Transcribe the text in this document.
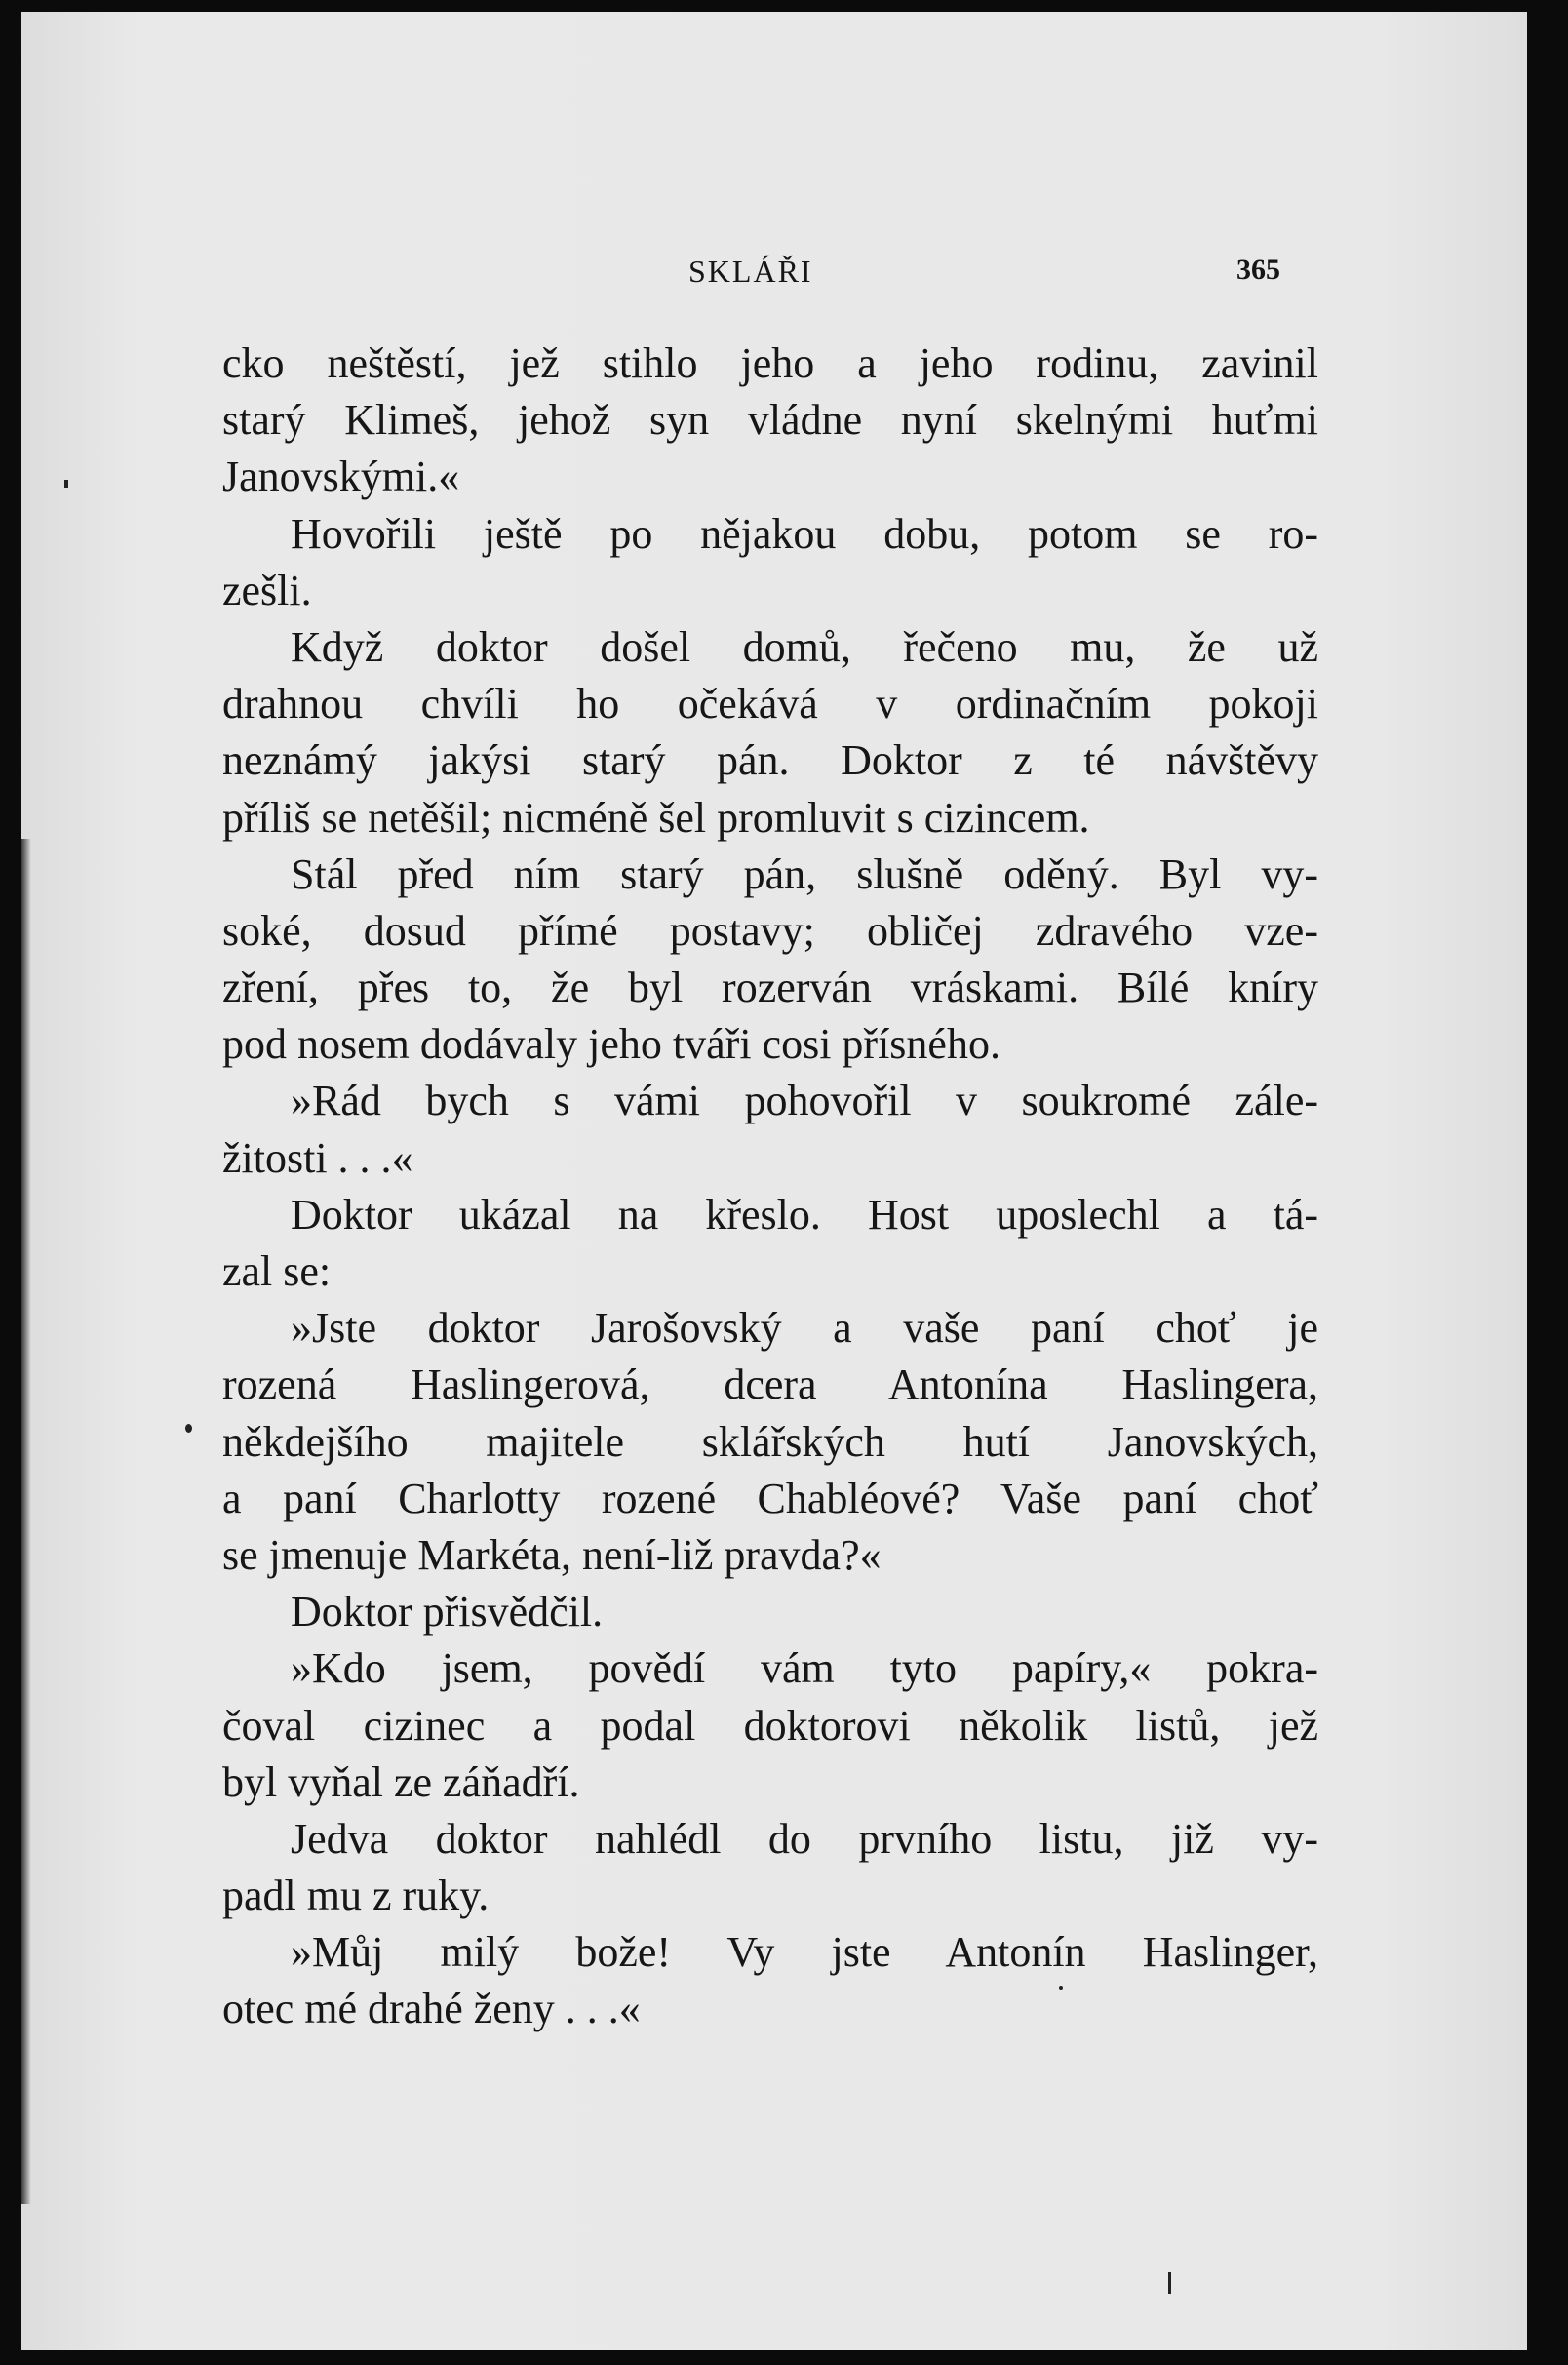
SKLÁŘI	365
cko neštěstí, jež stihlo jeho a jeho rodinu, zavinil
starý Klimeš, jehož syn vládne nyní skelnými huťmi
Janovskými.«
Hovořili ještě po nějakou dobu, potom se ro-
zešli.
Když doktor došel domů, řečeno mu, že už
drahnou chvíli ho očekává v ordinačním pokoji
neznámý jakýsi starý pán. Doktor z té návštěvy
příliš se netěšil; nicméně šel promluvit s cizincem.
Stál před ním starý pán, slušně oděný. Byl vy-
soké, dosud přímé postavy; obličej zdravého vze-
zření, přes to, že byl rozerván vráskami. Bílé kníry
pod nosem dodávaly jeho tváři cosi přísného.
»Rád bych s vámi pohovořil v soukromé zále-
žitosti . . .«
Doktor ukázal na křeslo. Host uposlechl a tá-
zal se:
»Jste doktor Jarošovský a vaše paní choť je
rozená Haslingerová, dcera Antonína Haslingera,
někdejšího majitele sklářských hutí Janovských,
a paní Charlotty rozené Chabléové? Vaše paní choť
se jmenuje Markéta, není-liž pravda?«
Doktor přisvědčil.
»Kdo jsem, povědí vám tyto papíry,« pokra-
čoval cizinec a podal doktorovi několik listů, jež
byl vyňal ze záňadří.
Jedva doktor nahlédl do prvního listu, již vy-
padl mu z ruky.
»Můj milý bože! Vy jste Antonín Haslinger,
otec mé drahé ženy . . .«
